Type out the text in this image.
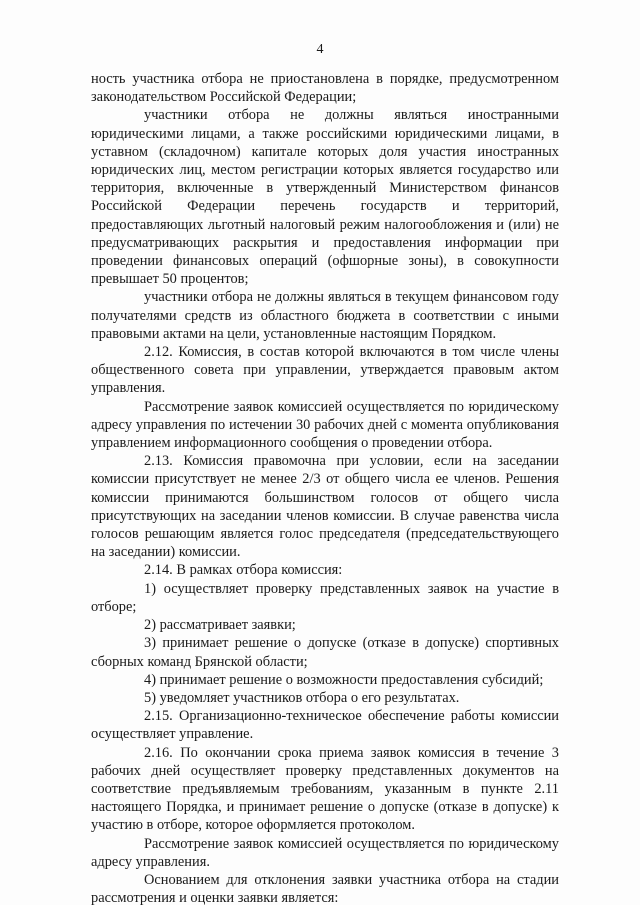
4

ность участника отбора не приостановлена в порядке, предусмотренном законодательством Российской Федерации;

участники отбора не должны являться иностранными юридическими лицами, а также российскими юридическими лицами, в уставном (складочном) капитале которых доля участия иностранных юридических лиц, местом регистрации которых является государство или территория, включенные в утвержденный Министерством финансов Российской Федерации перечень государств и территорий, предоставляющих льготный налоговый режим налогообложения и (или) не предусматривающих раскрытия и предоставления информации при проведении финансовых операций (офшорные зоны), в совокупности превышает 50 процентов;

участники отбора не должны являться в текущем финансовом году получателями средств из областного бюджета в соответствии с иными правовыми актами на цели, установленные настоящим Порядком.

2.12. Комиссия, в состав которой включаются в том числе члены общественного совета при управлении, утверждается правовым актом управления.

Рассмотрение заявок комиссией осуществляется по юридическому адресу управления по истечении 30 рабочих дней с момента опубликования управлением информационного сообщения о проведении отбора.

2.13. Комиссия правомочна при условии, если на заседании комиссии присутствует не менее 2/3 от общего числа ее членов. Решения комиссии принимаются большинством голосов от общего числа присутствующих на заседании членов комиссии. В случае равенства числа голосов решающим является голос председателя (председательствующего на заседании) комиссии.

2.14. В рамках отбора комиссия:

1) осуществляет проверку представленных заявок на участие в отборе;

2) рассматривает заявки;

3) принимает решение о допуске (отказе в допуске) спортивных сборных команд Брянской области;

4) принимает решение о возможности предоставления субсидий;

5) уведомляет участников отбора о его результатах.

2.15. Организационно-техническое обеспечение работы комиссии осуществляет управление.

2.16. По окончании срока приема заявок комиссия в течение 3 рабочих дней осуществляет проверку представленных документов на соответствие предъявляемым требованиям, указанным в пункте 2.11 настоящего Порядка, и принимает решение о допуске (отказе в допуске) к участию в отборе, которое оформляется протоколом.

Рассмотрение заявок комиссией осуществляется по юридическому адресу управления.

Основанием для отклонения заявки участника отбора на стадии рассмотрения и оценки заявки является:
